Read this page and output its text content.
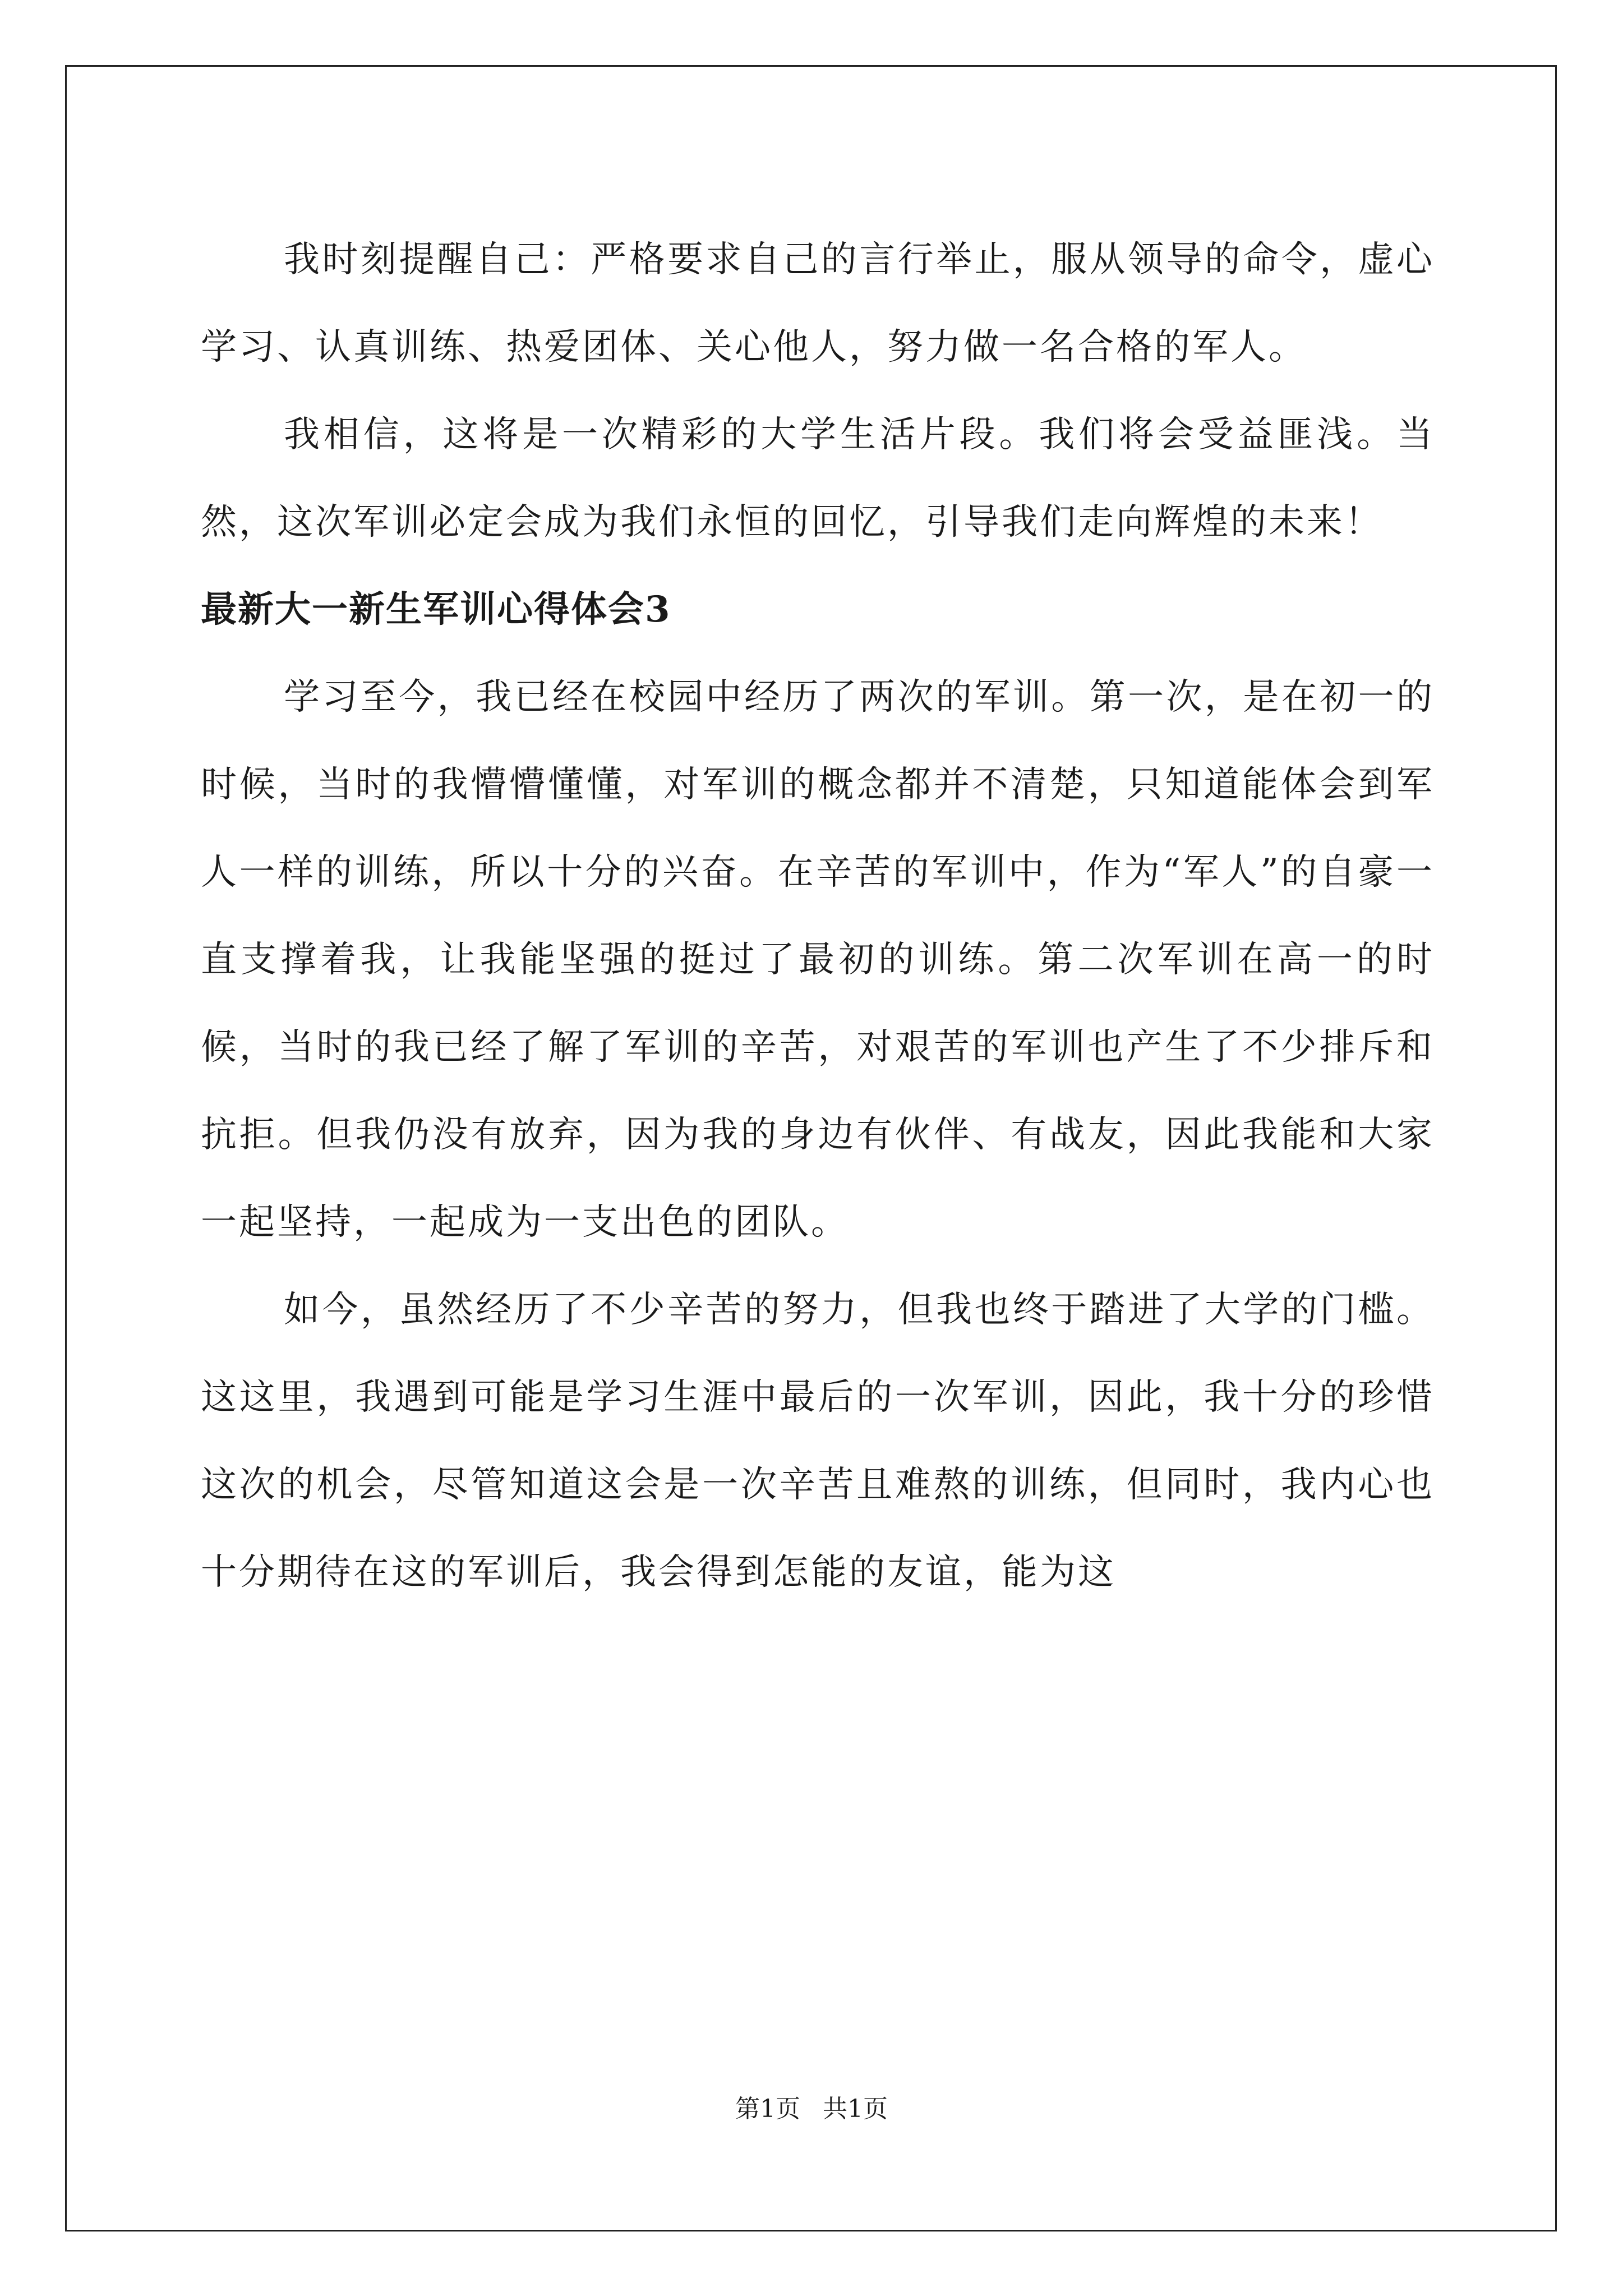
我时刻提醒自己：严格要求自己的言行举止，服从领导的命令，虚心学习、认真训练、热爱团体、关心他人，努力做一名合格的军人。

我相信，这将是一次精彩的大学生活片段。我们将会受益匪浅。当然，这次军训必定会成为我们永恒的回忆，引导我们走向辉煌的未来！

最新大一新生军训心得体会3

学习至今，我已经在校园中经历了两次的军训。第一次，是在初一的时候，当时的我懵懵懂懂，对军训的概念都并不清楚，只知道能体会到军人一样的训练，所以十分的兴奋。在辛苦的军训中，作为“军人”的自豪一直支撑着我，让我能坚强的挺过了最初的训练。第二次军训在高一的时候，当时的我已经了解了军训的辛苦，对艰苦的军训也产生了不少排斥和抗拒。但我仍没有放弃，因为我的身边有伙伴、有战友，因此我能和大家一起坚持，一起成为一支出色的团队。

如今，虽然经历了不少辛苦的努力，但我也终于踏进了大学的门槛。这这里，我遇到可能是学习生涯中最后的一次军训，因此，我十分的珍惜这次的机会，尽管知道这会是一次辛苦且难熬的训练，但同时，我内心也十分期待在这的军训后，我会得到怎能的友谊，能为这

第1页 共1页
